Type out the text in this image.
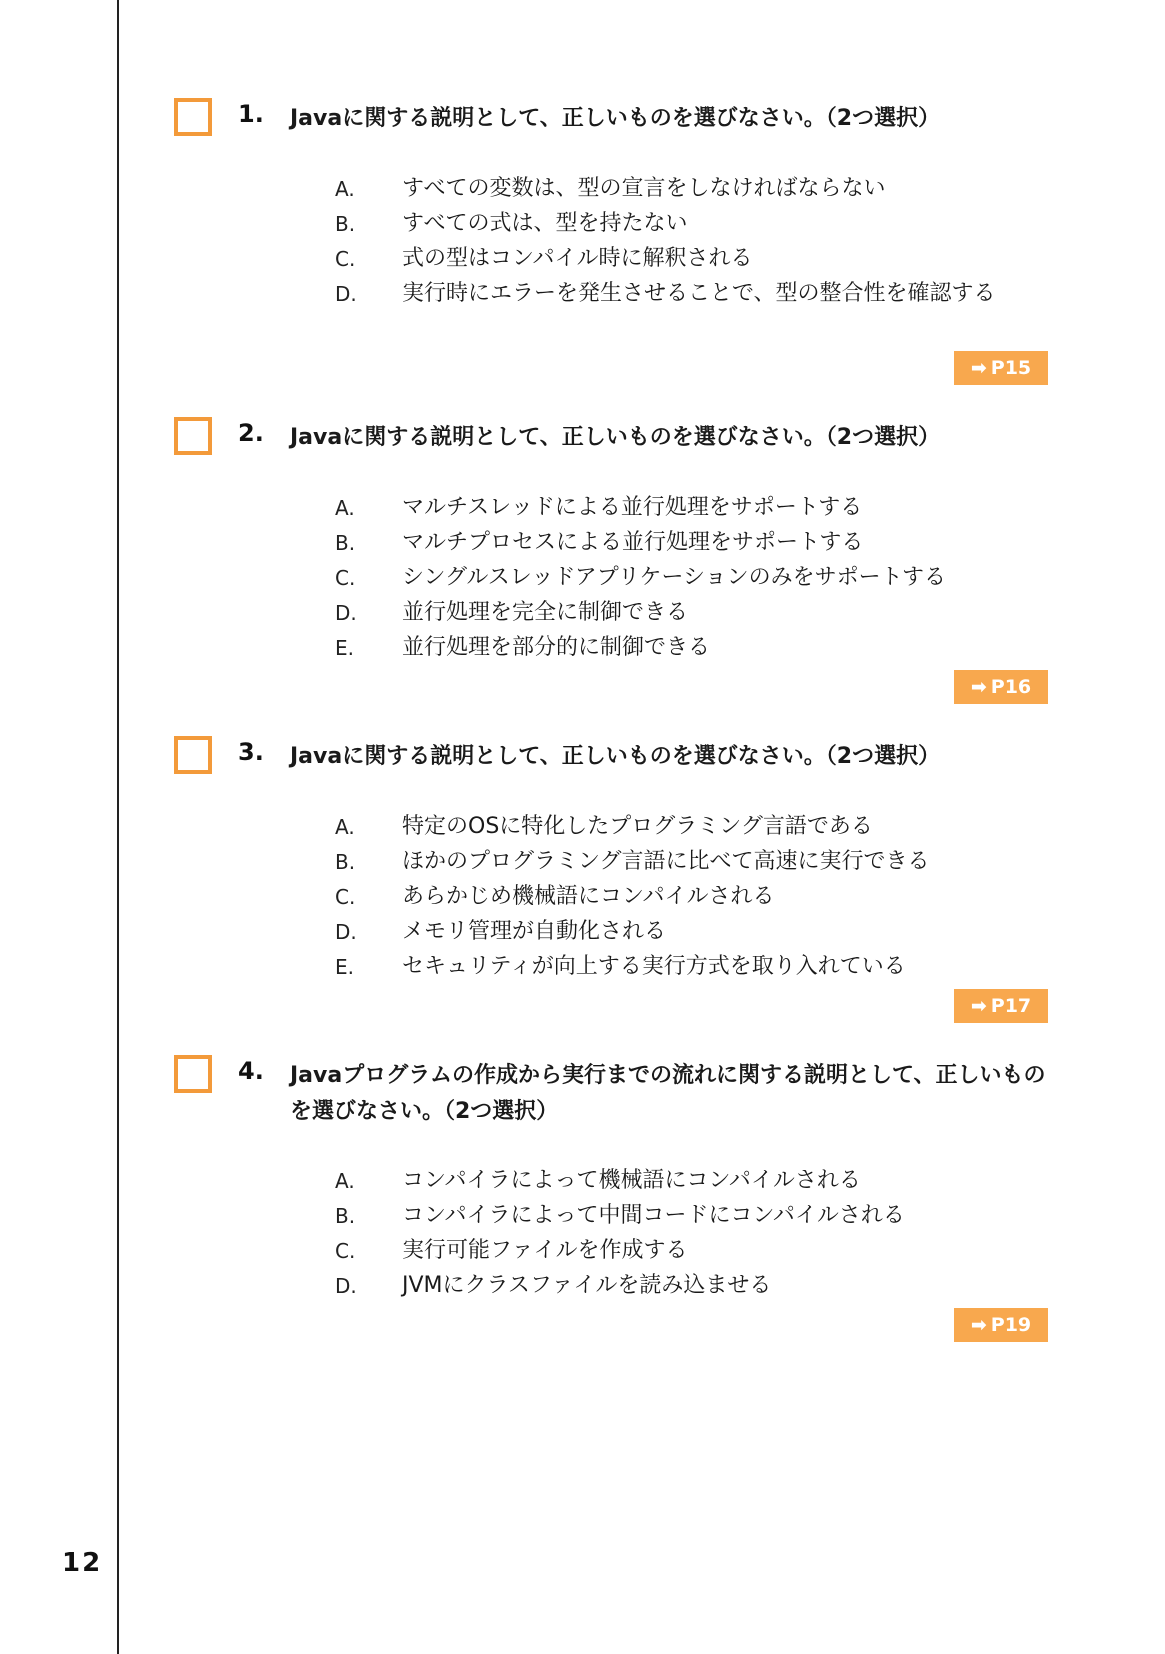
1. Javaに関する説明として、正しいものを選びなさい。（2つ選択）
A. すべての変数は、型の宣言をしなければならない
B. すべての式は、型を持たない
C. 式の型はコンパイル時に解釈される
D. 実行時にエラーを発生させることで、型の整合性を確認する
➡ P15
2. Javaに関する説明として、正しいものを選びなさい。（2つ選択）
A. マルチスレッドによる並行処理をサポートする
B. マルチプロセスによる並行処理をサポートする
C. シングルスレッドアプリケーションのみをサポートする
D. 並行処理を完全に制御できる
E. 並行処理を部分的に制御できる
➡ P16
3. Javaに関する説明として、正しいものを選びなさい。（2つ選択）
A. 特定のOSに特化したプログラミング言語である
B. ほかのプログラミング言語に比べて高速に実行できる
C. あらかじめ機械語にコンパイルされる
D. メモリ管理が自動化される
E. セキュリティが向上する実行方式を取り入れている
➡ P17
4. Javaプログラムの作成から実行までの流れに関する説明として、正しいものを選びなさい。（2つ選択）
A. コンパイラによって機械語にコンパイルされる
B. コンパイラによって中間コードにコンパイルされる
C. 実行可能ファイルを作成する
D. JVMにクラスファイルを読み込ませる
➡ P19
12
